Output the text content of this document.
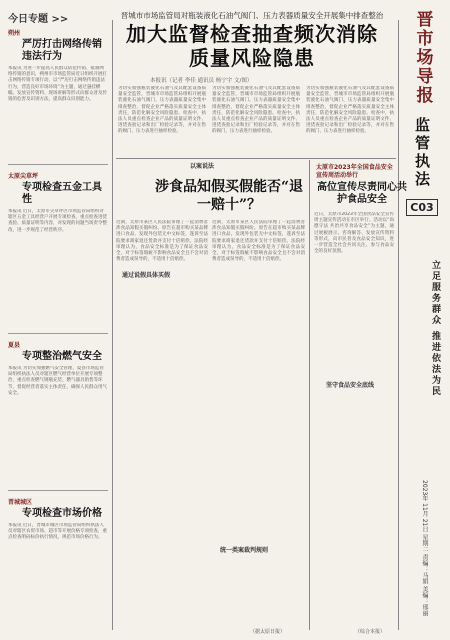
今日专题 >>	晋城市市场监管局对瓶装液化石油气阀门、压力表器质量安全开展集中排查整治
加大监督检查抽查频次消除质量风险隐患
本报讯（记者 李佳 通讯员 杨宁宇 文/图）	晋市场导报
监管执法
C03
立足服务群众 推进依法为民
2023年 11月 21日 星期二 责编：马娟 美编：邢丽
朔州
严厉打击网络传销违法行为
本报讯 为进一步提高人民群众防范传销、抵制网络传销的意识，朔州市市场监管局近日组织开展打击网络传销专项行动，以“严厉打击网络传销违法行为，营造良好市场环境”为主题，通过悬挂横幅、发放宣传资料、现场讲解等形式向群众普及传销的危害及识别方法，提高群众识别能力。
太原尖草坪
专项检查五金工具性
本报讯 近日，太原市尖草坪区市场监管局组织对辖区五金工具经营户开展专项检查，重点检查进货查验、质量证明等内容，对发现的问题当场责令整改，进一步规范了经营秩序。
夏县
专项整治燃气安全
本报讯 为切实加强燃气安全管理，夏县市场监管局组织执法人员对辖区燃气经营单位开展专项整治，重点检查燃气钢瓶充装、燃气器具销售等环节，督促经营者落实主体责任，确保人民群众用气安全。
晋城城区
专项检查市场价格
本报讯 近日，晋城市城区市场监管局组织执法人员对辖区农贸市场、超市等开展价格专项检查，重点检查明码标价执行情况，规范市场价格行为。
为切实加强瓶装液化石油气及其配套设备质量安全监管，晋城市市场监管局组织开展瓶装液化石油气阀门、压力表器质量安全集中排查整治，督促企业严格落实质量安全主体责任，防范化解安全风险隐患。检查中，执法人员重点检查企业产品的质量证明文件、进货查验记录和出厂检验记录等，并对在售的阀门、压力表进行抽样检验。
为切实加强瓶装液化石油气及其配套设备质量安全监管，晋城市市场监管局组织开展瓶装液化石油气阀门、压力表器质量安全集中排查整治，督促企业严格落实质量安全主体责任，防范化解安全风险隐患。检查中，执法人员重点检查企业产品的质量证明文件、进货查验记录和出厂检验记录等，并对在售的阀门、压力表进行抽样检验。
为切实加强瓶装液化石油气及其配套设备质量安全监管，晋城市市场监管局组织开展瓶装液化石油气阀门、压力表器质量安全集中排查整治，督促企业严格落实质量安全主体责任，防范化解安全风险隐患。检查中，执法人员重点检查企业产品的质量证明文件、进货查验记录和出厂检验记录等，并对在售的阀门、压力表进行抽样检验。
以案说法
涉食品知假买假能否“退一赔十”？
近期，太原市某区人民法院审理了一起消费者涉食品知假买假纠纷。原告在超市购买某品牌进口食品，发现外包装无中文标签，遂诉至法院要求商家退还货款并支付十倍赔偿。法院经审理认为，食品安全标准是为了保证食品安全，对于标签瑕疵不影响食品安全且不会对消费者造成误导的，不适用十倍赔偿。
近期，太原市某区人民法院审理了一起消费者涉食品知假买假纠纷。原告在超市购买某品牌进口食品，发现外包装无中文标签，遂诉至法院要求商家退还货款并支付十倍赔偿。法院经审理认为，食品安全标准是为了保证食品安全，对于标签瑕疵不影响食品安全且不会对消费者造成误导的，不适用十倍赔偿。
通过说假具体买假
统一类案裁判规则
（据太原日报）
太原市2023年全国食品安全宣传周活动举行
高位宣传尽责同心共护食品安全
近日，太原市2023年全国食品安全宣传周主题宣传活动在市区举行。活动以“尚德守法 共治共享食品安全”为主题，通过展板展示、咨询解答、发放宣传资料等形式，向市民普及食品安全知识，进一步营造全社会共同关注、参与食品安全的良好氛围。
坚守食品安全底线
（综合本报）
